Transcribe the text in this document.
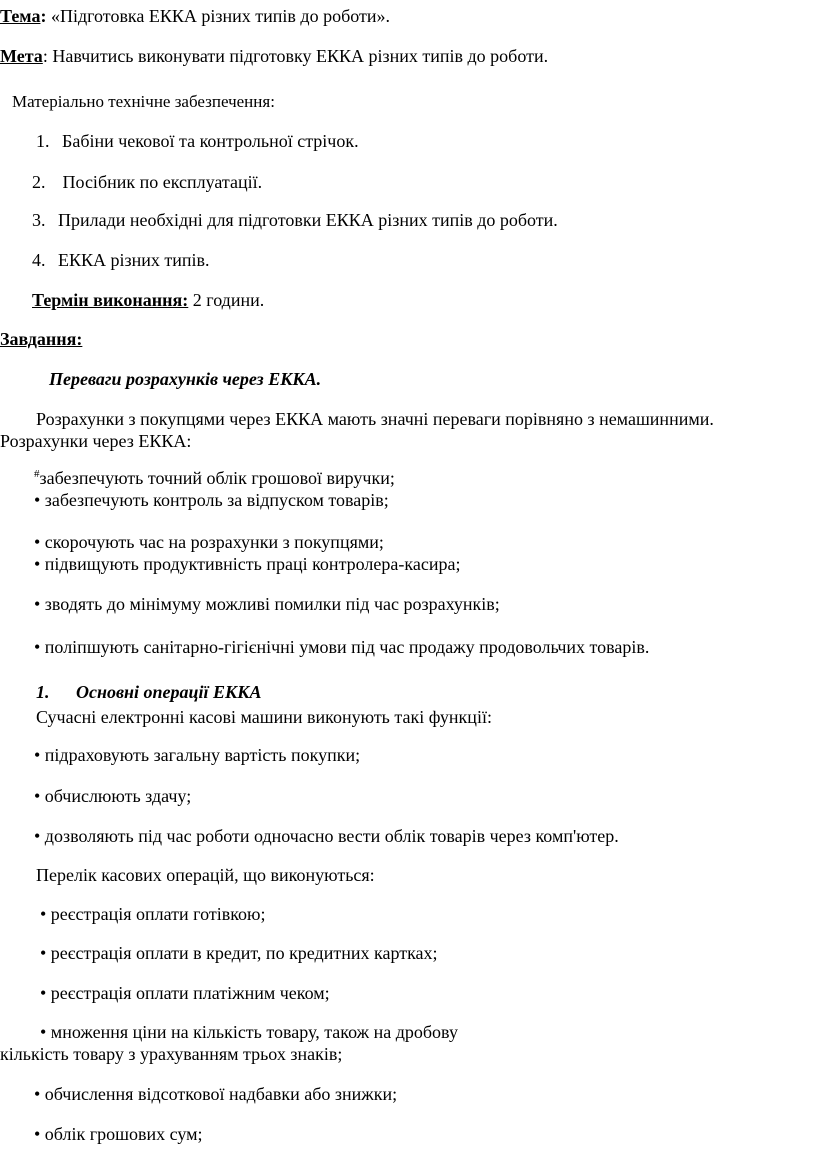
Тема: «Підготовка ЕККА різних типів до роботи».
Мета: Навчитись виконувати підготовку ЕККА різних типів до роботи.
Матеріально технічне забезпечення:
1. Бабіни чекової та контрольної стрічок.
2. Посібник по експлуатації.
3. Прилади необхідні для підготовки ЕККА різних типів до роботи.
4. ЕККА різних типів.
Термін виконання: 2 години.
Завдання:
Переваги розрахунків через ЕККА.
Розрахунки з покупцями через ЕККА мають значні переваги порівняно з немашинними.
Розрахунки через ЕККА:
#забезпечують точний облік грошової виручки;
• забезпечують контроль за відпуском товарів;
• скорочують час на розрахунки з покупцями;
• підвищують продуктивність праці контролера-касира;
• зводять до мінімуму можливі помилки під час розрахунків;
• поліпшують санітарно-гігієнічні умови під час продажу продовольчих товарів.
1. Основні операції ЕККА
Сучасні електронні касові машини виконують такі функції:
• підраховують загальну вартість покупки;
• обчислюють здачу;
• дозволяють під час роботи одночасно вести облік товарів через комп'ютер.
Перелік касових операцій, що виконуються:
• реєстрація оплати готівкою;
• реєстрація оплати в кредит, по кредитних картках;
• реєстрація оплати платіжним чеком;
• множення ціни на кількість товару, також на дробову
кількість товару з урахуванням трьох знаків;
• обчислення відсоткової надбавки або знижки;
• облік грошових сум;
